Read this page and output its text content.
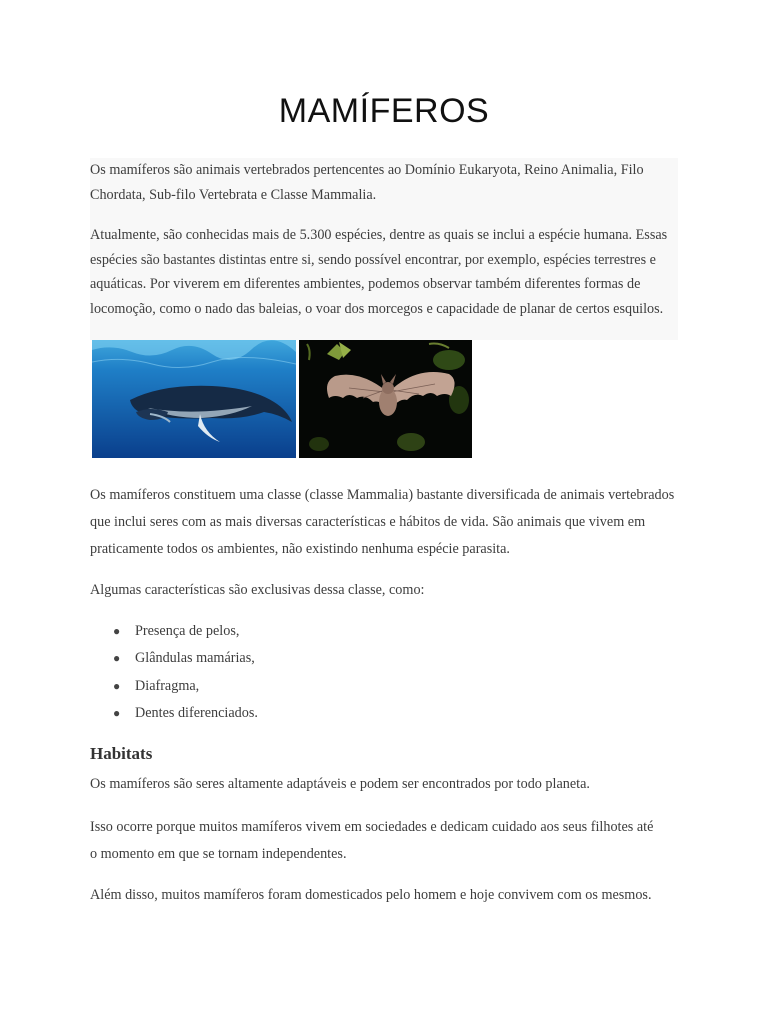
MAMÍFEROS

Os mamíferos são animais vertebrados pertencentes ao Domínio Eukaryota, Reino Animalia, Filo Chordata, Sub-filo Vertebrata e Classe Mammalia.

Atualmente, são conhecidas mais de 5.300 espécies, dentre as quais se inclui a espécie humana. Essas espécies são bastantes distintas entre si, sendo possível encontrar, por exemplo, espécies terrestres e aquáticas. Por viverem em diferentes ambientes, podemos observar também diferentes formas de locomoção, como o nado das baleias, o voar dos morcegos e capacidade de planar de certos esquilos.

Os mamíferos constituem uma classe (classe Mammalia) bastante diversificada de animais vertebrados que inclui seres com as mais diversas características e hábitos de vida. São animais que vivem em praticamente todos os ambientes, não existindo nenhuma espécie parasita.

Algumas características são exclusivas dessa classe, como:

● Presença de pelos,
● Glândulas mamárias,
● Diafragma,
● Dentes diferenciados.
Habitats

Os mamíferos são seres altamente adaptáveis e podem ser encontrados por todo planeta.

Isso ocorre porque muitos mamíferos vivem em sociedades e dedicam cuidado aos seus filhotes até o momento em que se tornam independentes.

Além disso, muitos mamíferos foram domesticados pelo homem e hoje convivem com os mesmos.
